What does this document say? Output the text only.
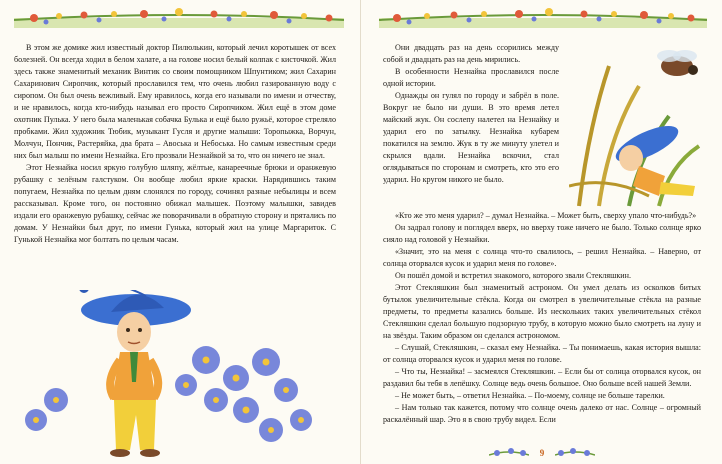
В этом же домике жил известный доктор Пилюлькин, который лечил коротышек от всех болезней. Он всегда ходил в белом халате, а на голове носил белый колпак с кисточкой. Жил здесь также знаменитый механик Винтик со своим помощником Шпунтиком; жил Сахарин Сахаринович Сиропчик, который прославился тем, что очень любил газированную воду с сиропом. Он был очень вежливый. Ему нравилось, когда его называли по имени и отчеству, и не нравилось, когда кто-нибудь называл его просто Сиропчиком. Жил ещё в этом доме охотник Пулька. У него была маленькая собачка Булька и ещё было ружьё, которое стреляло пробками. Жил художник Тюбик, музыкант Гусля и другие малыши: Торопыжка, Ворчун, Молчун, Пончик, Растеряйка, два брата – Авоська и Небоська. Но самым известным среди них был малыш по имени Незнайка. Его прозвали Незнайкой за то, что он ничего не знал.

Этот Незнайка носил яркую голубую шляпу, жёлтые, канареечные брюки и оранжевую рубашку с зелёным галстуком. Он вообще любил яркие краски. Нарядившись таким попугаем, Незнайка по целым дням слонялся по городу, сочинял разные небылицы и всем рассказывал. Кроме того, он постоянно обижал малышек. Поэтому малышки, завидев издали его оранжевую рубашку, сейчас же поворачивали в обратную сторону и прятались по домам. У Незнайки был друг, по имени Гунька, который жил на улице Маргариток. С Гунькой Незнайка мог болтать по целым часам.

Они двадцать раз на день ссорились между собой и двадцать раз на день мирились.

В особенности Незнайка прославился после одной истории.

Однажды он гулял по городу и забрёл в поле. Вокруг не было ни души. В это время летел майский жук. Он сослепу налетел на Незнайку и ударил его по затылку. Незнайка кубарем покатился на землю. Жук в ту же минуту улетел и скрылся вдали. Незнайка вскочил, стал оглядываться по сторонам и смотреть, кто это его ударил. Но кругом никого не было.

«Кто же это меня ударил? – думал Незнайка. – Может быть, сверху упало что-нибудь?»

Он задрал голову и поглядел вверх, но вверху тоже ничего не было. Только солнце ярко сияло над головой у Незнайки.

«Значит, это на меня с солнца что-то свалилось, – решил Незнайка. – Наверно, от солнца оторвался кусок и ударил меня по голове».

Он пошёл домой и встретил знакомого, которого звали Стекляшкин.

Этот Стекляшкин был знаменитый астроном. Он умел делать из осколков битых бутылок увеличительные стёкла. Когда он смотрел в увеличительные стёкла на разные предметы, то предметы казались больше. Из нескольких таких увеличительных стёкол Стекляшкин сделал большую подзорную трубу, в которую можно было смотреть на луну и на звёзды. Таким образом он сделался астрономом.

– Слушай, Стекляшкин, – сказал ему Незнайка. – Ты понимаешь, какая история вышла: от солнца оторвался кусок и ударил меня по голове.

– Что ты, Незнайка! – засмеялся Стекляшкин. – Если бы от солнца оторвался кусок, он раздавил бы тебя в лепёшку. Солнце ведь очень большое. Оно больше всей нашей Земли.

– Не может быть, – ответил Незнайка. – По-моему, солнце не больше тарелки.

– Нам только так кажется, потому что солнце очень далеко от нас. Солнце – огромный раскалённый шар. Это я в свою трубу видел. Если

9
